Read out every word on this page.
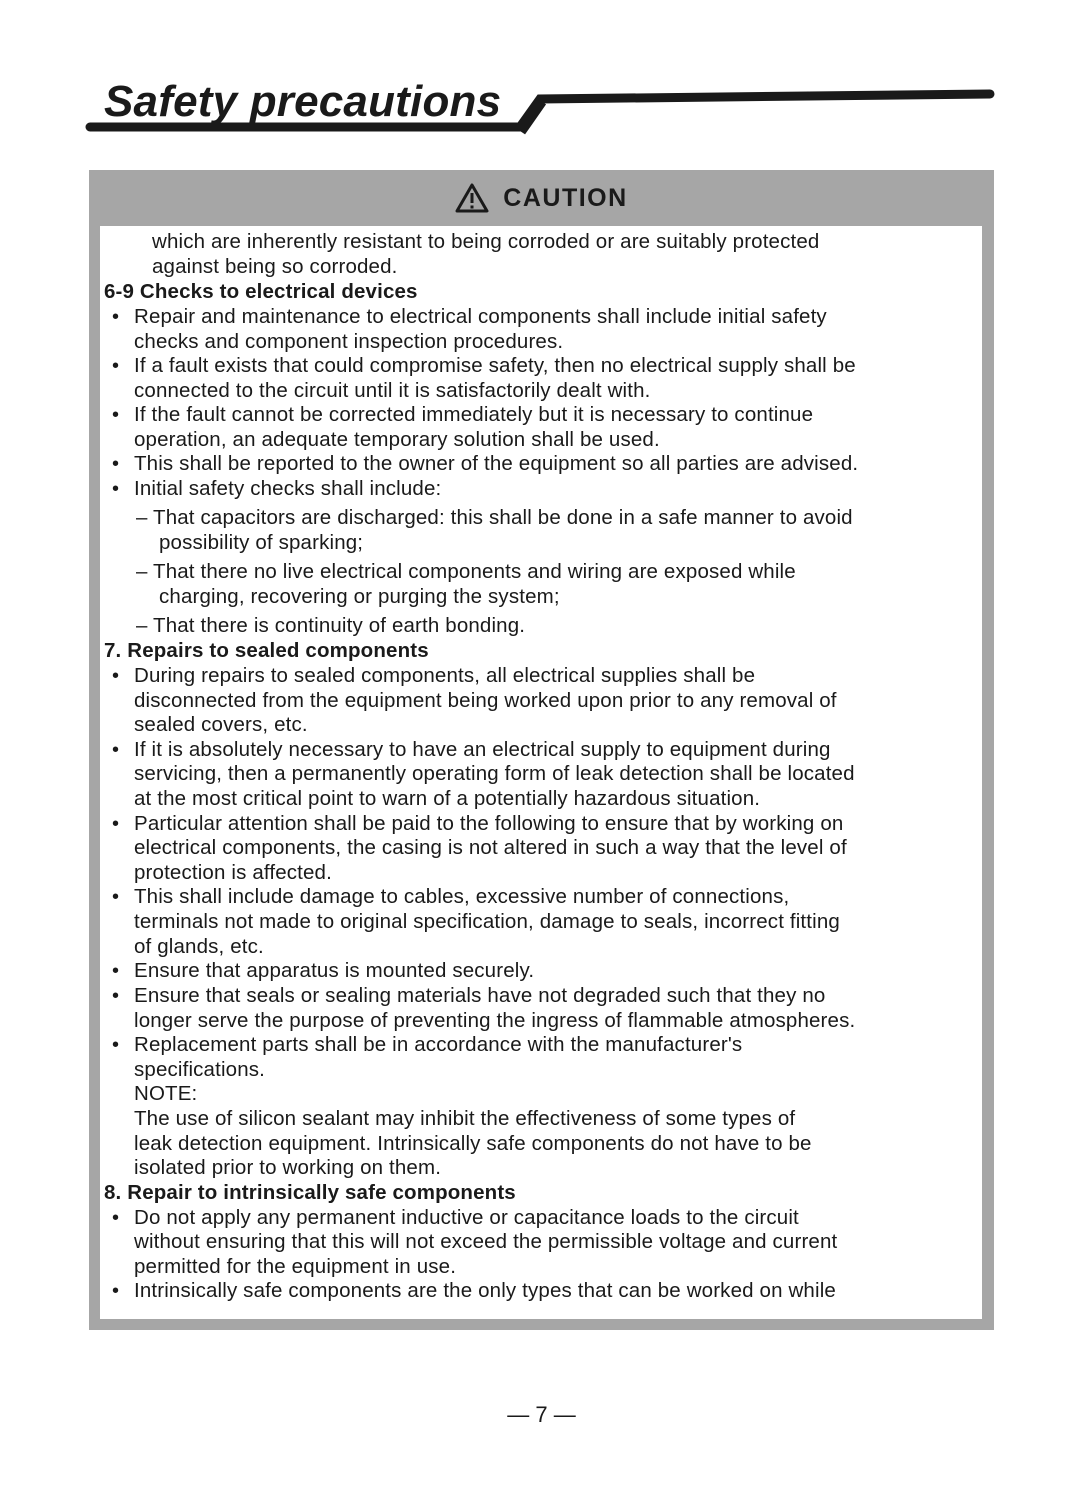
Safety precautions
CAUTION
which are inherently resistant to being corroded or are suitably protected
against being so corroded.
6-9 Checks to electrical devices
• Repair and maintenance to electrical components shall include initial safety
checks and component inspection procedures.
• If a fault exists that could compromise safety, then no electrical supply shall be
connected to the circuit until it is satisfactorily dealt with.
• If the fault cannot be corrected immediately but it is necessary to continue
operation, an adequate temporary solution shall be used.
• This shall be reported to the owner of the equipment so all parties are advised.
• Initial safety checks shall include:
– That capacitors are discharged: this shall be done in a safe manner to avoid
possibility of sparking;
– That there no live electrical components and wiring are exposed while
charging, recovering or purging the system;
– That there is continuity of earth bonding.
7. Repairs to sealed components
• During repairs to sealed components, all electrical supplies shall be
disconnected from the equipment being worked upon prior to any removal of
sealed covers, etc.
• If it is absolutely necessary to have an electrical supply to equipment during
servicing, then a permanently operating form of leak detection shall be located
at the most critical point to warn of a potentially hazardous situation.
• Particular attention shall be paid to the following to ensure that by working on
electrical components, the casing is not altered in such a way that the level of
protection is affected.
• This shall include damage to cables, excessive number of connections,
terminals not made to original specification, damage to seals, incorrect fitting
of glands, etc.
• Ensure that apparatus is mounted securely.
• Ensure that seals or sealing materials have not degraded such that they no
longer serve the purpose of preventing the ingress of flammable atmospheres.
• Replacement parts shall be in accordance with the manufacturer's
specifications.
NOTE:
The use of silicon sealant may inhibit the effectiveness of some types of
leak detection equipment. Intrinsically safe components do not have to be
isolated prior to working on them.
8. Repair to intrinsically safe components
• Do not apply any permanent inductive or capacitance loads to the circuit
without ensuring that this will not exceed the permissible voltage and current
permitted for the equipment in use.
• Intrinsically safe components are the only types that can be worked on while
— 7 —
